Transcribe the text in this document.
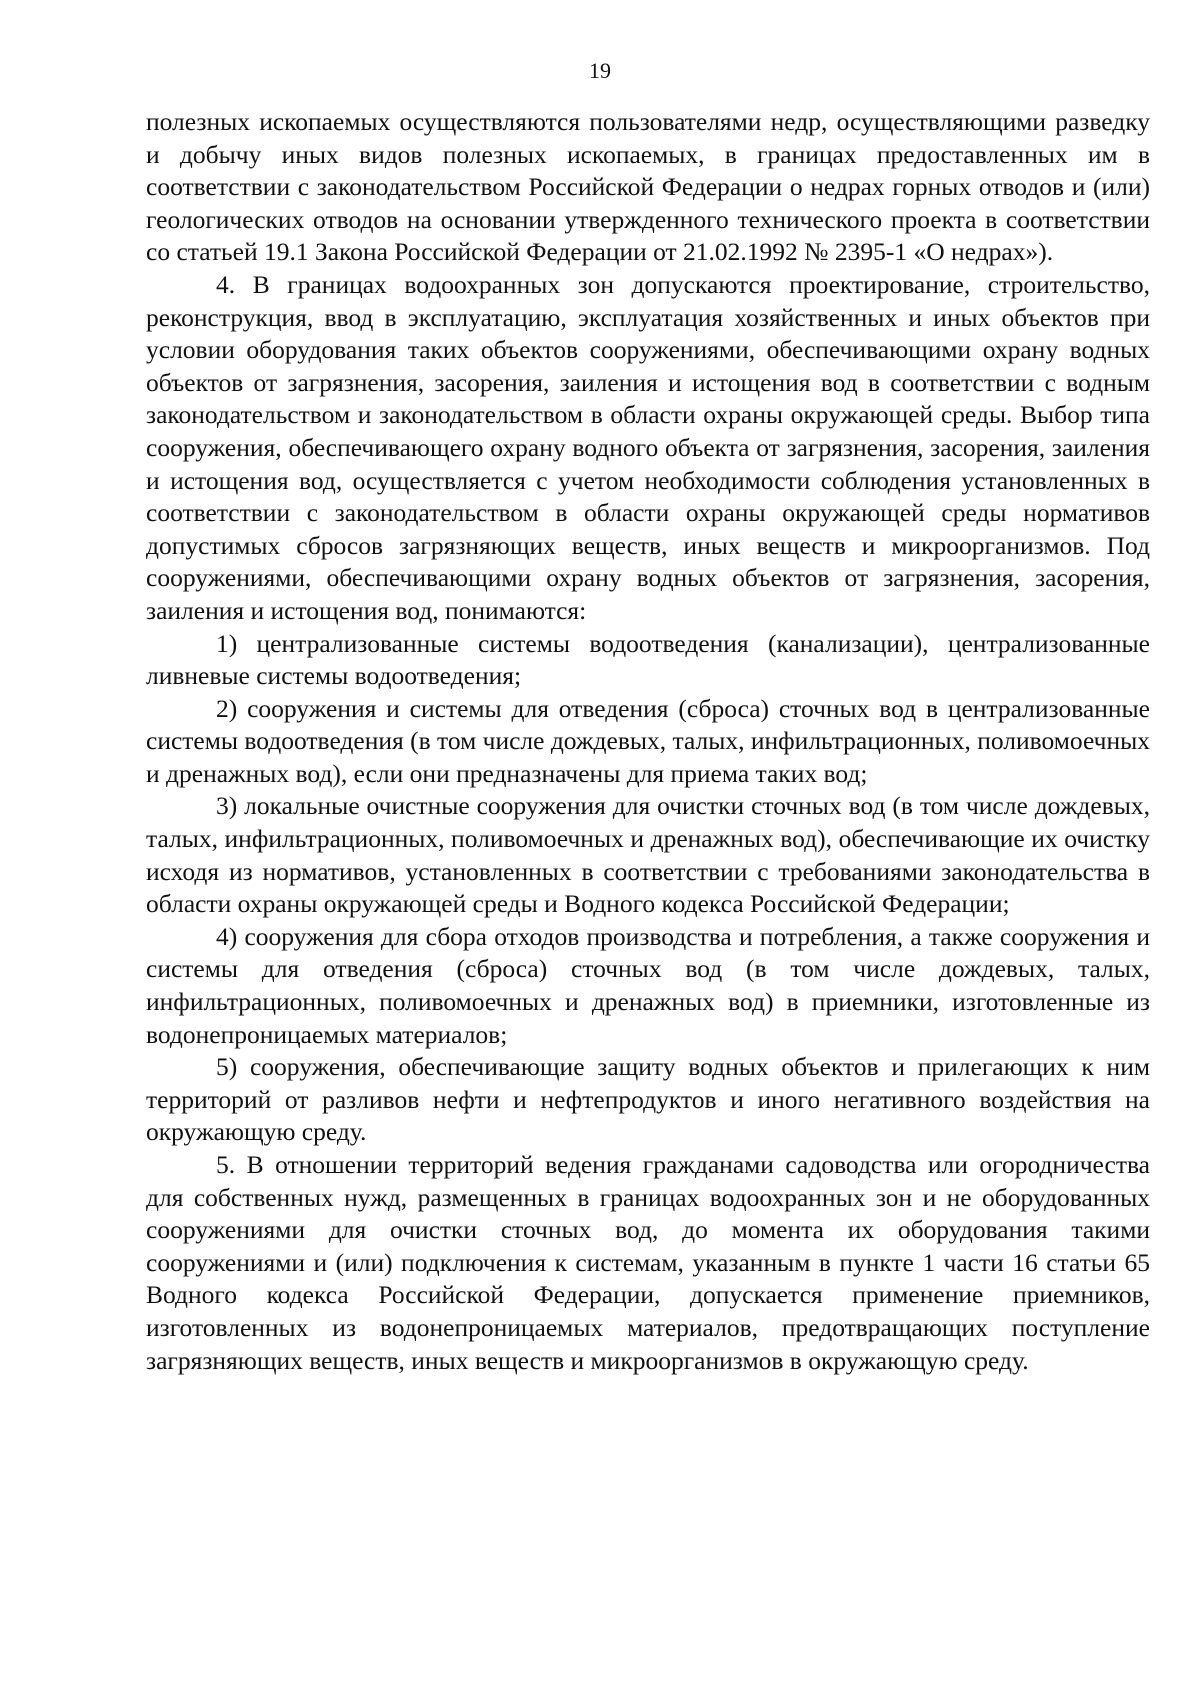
19

полезных ископаемых осуществляются пользователями недр, осуществляющими разведку и добычу иных видов полезных ископаемых, в границах предоставленных им в соответствии с законодательством Российской Федерации о недрах горных отводов и (или) геологических отводов на основании утвержденного технического проекта в соответствии со статьей 19.1 Закона Российской Федерации от 21.02.1992 № 2395-1 «О недрах»).

4. В границах водоохранных зон допускаются проектирование, строительство, реконструкция, ввод в эксплуатацию, эксплуатация хозяйственных и иных объектов при условии оборудования таких объектов сооружениями, обеспечивающими охрану водных объектов от загрязнения, засорения, заиления и истощения вод в соответствии с водным законодательством и законодательством в области охраны окружающей среды. Выбор типа сооружения, обеспечивающего охрану водного объекта от загрязнения, засорения, заиления и истощения вод, осуществляется с учетом необходимости соблюдения установленных в соответствии с законодательством в области охраны окружающей среды нормативов допустимых сбросов загрязняющих веществ, иных веществ и микроорганизмов. Под сооружениями, обеспечивающими охрану водных объектов от загрязнения, засорения, заиления и истощения вод, понимаются:

1) централизованные системы водоотведения (канализации), централизованные ливневые системы водоотведения;

2) сооружения и системы для отведения (сброса) сточных вод в централизованные системы водоотведения (в том числе дождевых, талых, инфильтрационных, поливомоечных и дренажных вод), если они предназначены для приема таких вод;

3) локальные очистные сооружения для очистки сточных вод (в том числе дождевых, талых, инфильтрационных, поливомоечных и дренажных вод), обеспечивающие их очистку исходя из нормативов, установленных в соответствии с требованиями законодательства в области охраны окружающей среды и Водного кодекса Российской Федерации;

4) сооружения для сбора отходов производства и потребления, а также сооружения и системы для отведения (сброса) сточных вод (в том числе дождевых, талых, инфильтрационных, поливомоечных и дренажных вод) в приемники, изготовленные из водонепроницаемых материалов;

5) сооружения, обеспечивающие защиту водных объектов и прилегающих к ним территорий от разливов нефти и нефтепродуктов и иного негативного воздействия на окружающую среду.

5. В отношении территорий ведения гражданами садоводства или огородничества для собственных нужд, размещенных в границах водоохранных зон и не оборудованных сооружениями для очистки сточных вод, до момента их оборудования такими сооружениями и (или) подключения к системам, указанным в пункте 1 части 16 статьи 65 Водного кодекса Российской Федерации, допускается применение приемников, изготовленных из водонепроницаемых материалов, предотвращающих поступление загрязняющих веществ, иных веществ и микроорганизмов в окружающую среду.
